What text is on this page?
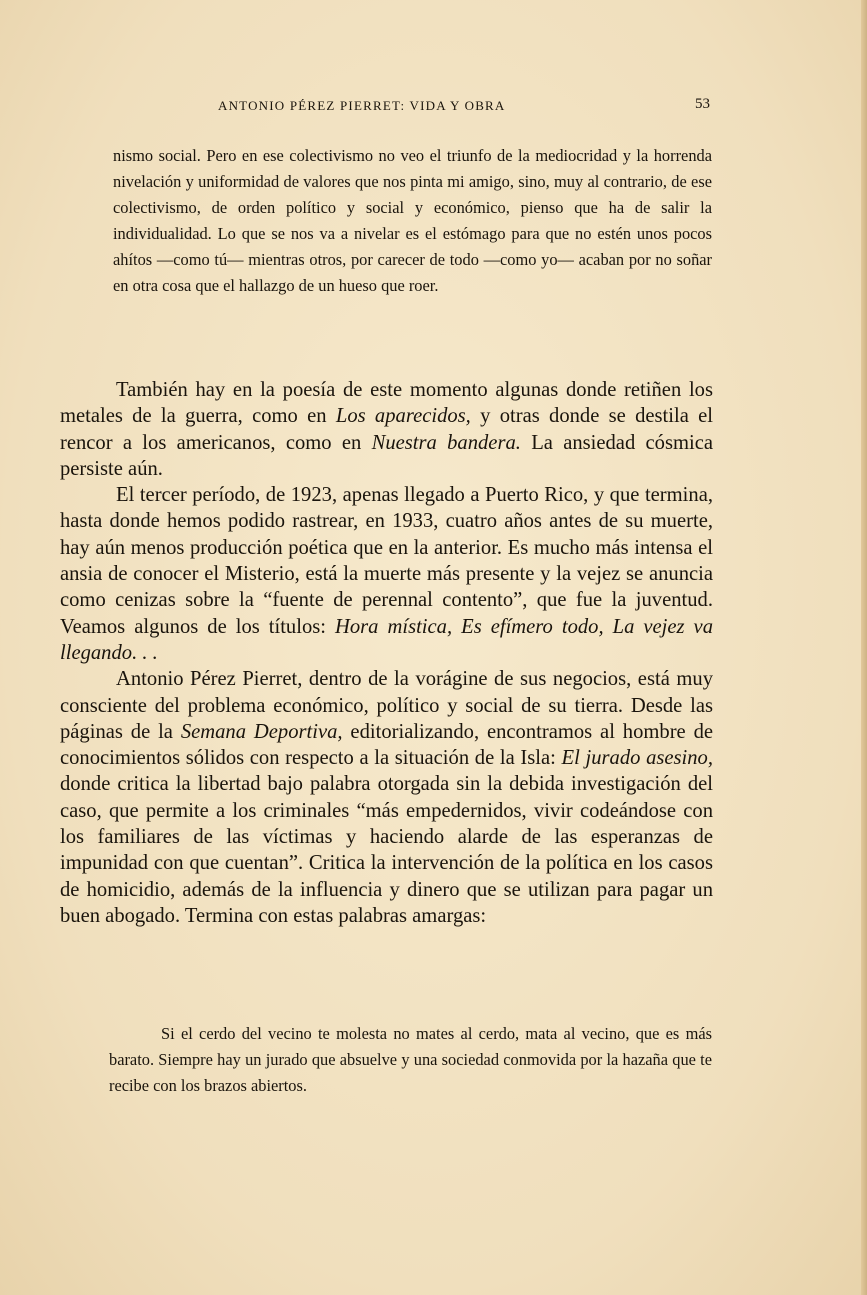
ANTONIO PÉREZ PIERRET: VIDA Y OBRA	53
nismo social. Pero en ese colectivismo no veo el triunfo de la mediocridad y la horrenda nivelación y uniformidad de valores que nos pinta mi amigo, sino, muy al contrario, de ese colectivismo, de orden político y social y económico, pienso que ha de salir la individualidad. Lo que se nos va a nivelar es el estómago para que no estén unos pocos ahítos —como tú— mientras otros, por carecer de todo —como yo— acaban por no soñar en otra cosa que el hallazgo de un hueso que roer.

También hay en la poesía de este momento algunas donde retiñen los metales de la guerra, como en Los aparecidos, y otras donde se destila el rencor a los americanos, como en Nuestra bandera. La ansiedad cósmica persiste aún.

El tercer período, de 1923, apenas llegado a Puerto Rico, y que termina, hasta donde hemos podido rastrear, en 1933, cuatro años antes de su muerte, hay aún menos producción poética que en la anterior. Es mucho más intensa el ansia de conocer el Misterio, está la muerte más presente y la vejez se anuncia como cenizas sobre la “fuente de perennal contento”, que fue la juventud. Veamos algunos de los títulos: Hora mística, Es efímero todo, La vejez va llegando. . .

Antonio Pérez Pierret, dentro de la vorágine de sus negocios, está muy consciente del problema económico, político y social de su tierra. Desde las páginas de la Semana Deportiva, editorializando, encontramos al hombre de conocimientos sólidos con respecto a la situación de la Isla: El jurado asesino, donde critica la libertad bajo palabra otorgada sin la debida investigación del caso, que permite a los criminales “más empedernidos, vivir codeándose con los familiares de las víctimas y haciendo alarde de las esperanzas de impunidad con que cuentan”. Critica la intervención de la política en los casos de homicidio, además de la influencia y dinero que se utilizan para pagar un buen abogado. Termina con estas palabras amargas:

Si el cerdo del vecino te molesta no mates al cerdo, mata al vecino, que es más barato. Siempre hay un jurado que absuelve y una sociedad conmovida por la hazaña que te recibe con los brazos abiertos.
